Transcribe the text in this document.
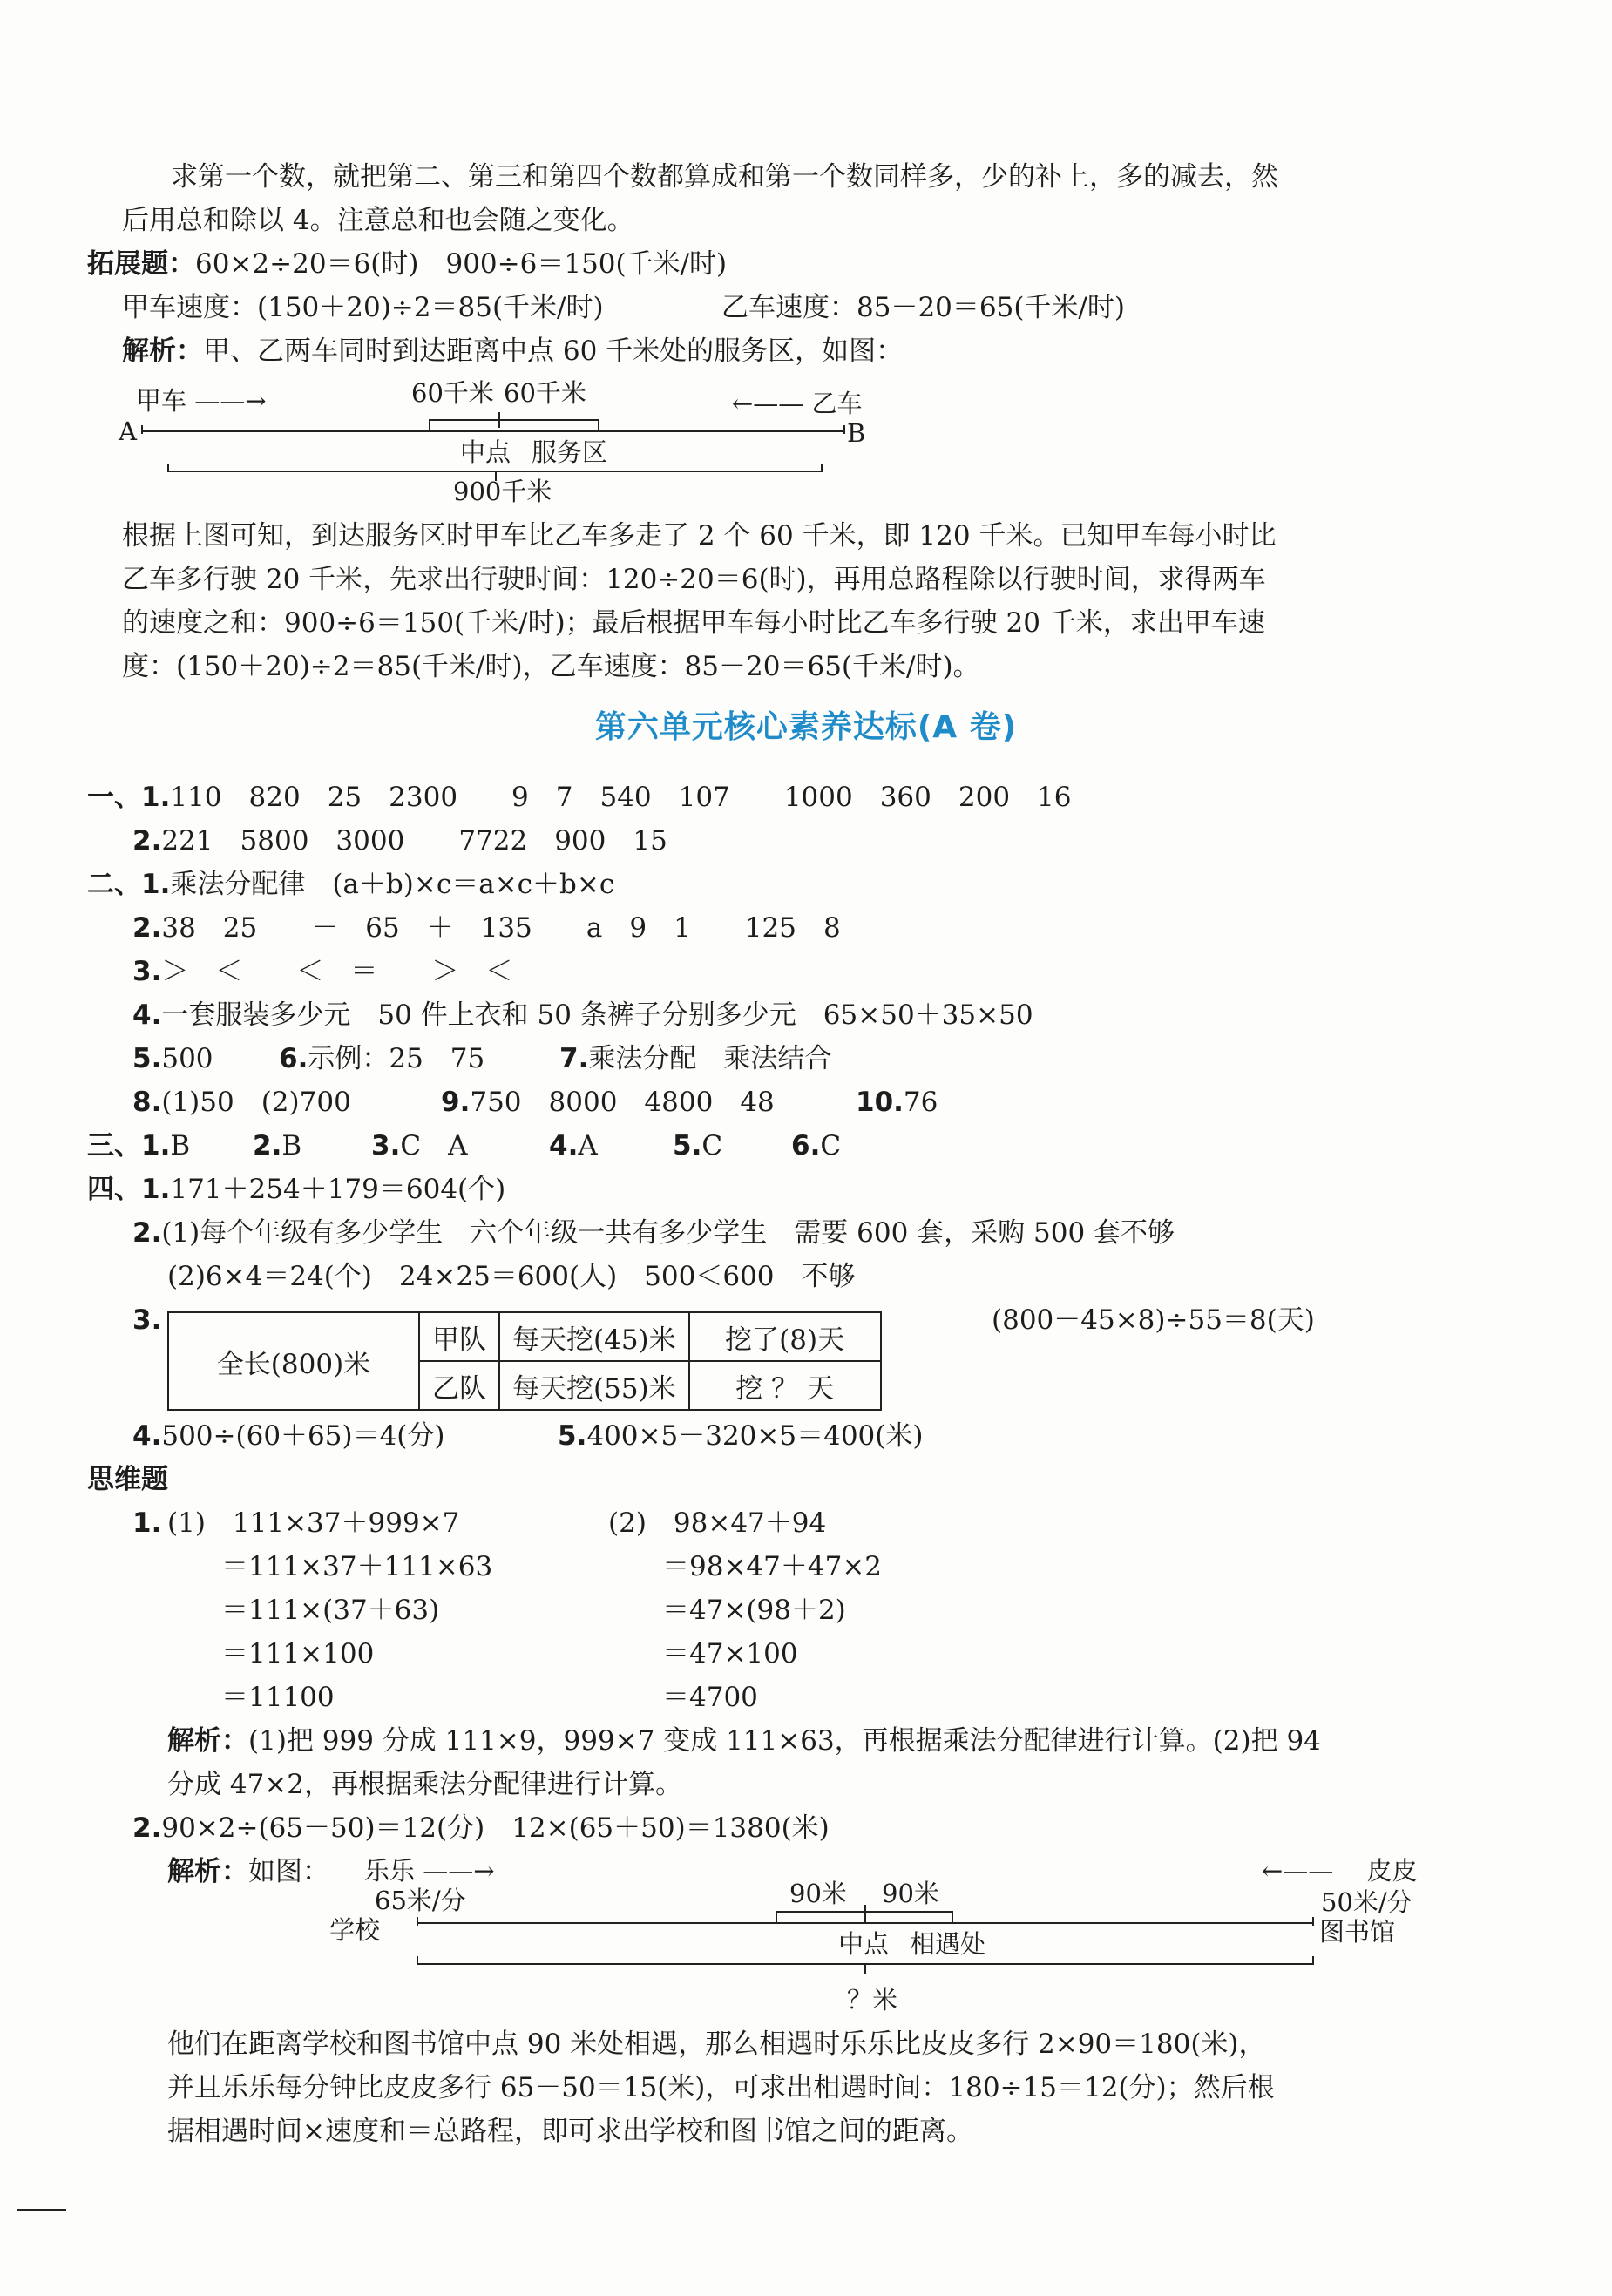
求第一个数，就把第二、第三和第四个数都算成和第一个数同样多，少的补上，多的减去，然
后用总和除以 4。注意总和也会随之变化。
拓展题：60×2÷20＝6(时)　900÷6＝150(千米/时)
甲车速度：(150＋20)÷2＝85(千米/时)	乙车速度：85－20＝65(千米/时)
解析：甲、乙两车同时到达距离中点 60 千米处的服务区，如图：
甲车 ——→	←—— 乙车
A	B
60千米 60千米
中点 服务区
900千米
根据上图可知，到达服务区时甲车比乙车多走了 2 个 60 千米，即 120 千米。已知甲车每小时比
乙车多行驶 20 千米，先求出行驶时间：120÷20＝6(时)，再用总路程除以行驶时间，求得两车
的速度之和：900÷6＝150(千米/时)；最后根据甲车每小时比乙车多行驶 20 千米，求出甲车速
度：(150＋20)÷2＝85(千米/时)，乙车速度：85－20＝65(千米/时)。
第六单元核心素养达标(A 卷)
一、1.110　820　25　2300　　9　7　540　107　　1000　360　200　16
2.221　5800　3000　　7722　900　15
二、1.乘法分配律　(a＋b)×c＝a×c＋b×c
2.38　25　　－　65　＋　135　　a　9　1　　125　8
3.＞　＜　　＜　＝　　＞　＜
4.一套服装多少元　50 件上衣和 50 条裤子分别多少元　65×50＋35×50
5.500 6.示例：25　75	7.乘法分配　乘法结合
8.(1)50　(2)700	9.750　8000　4800　48	10.76
三、1.B 2.B	3.C　A	4.A	5.C	6.C
四、1.171＋254＋179＝604(个)
2.(1)每个年级有多少学生　六个年级一共有多少学生　需要 600 套，采购 500 套不够
(2)6×4＝24(个)　24×25＝600(人)　500＜600　不够
3.
全长(800)米	甲队	每天挖(45)米	挖了(8)天
	乙队	每天挖(55)米	挖 ？ 天
(800－45×8)÷55＝8(天)
4.500÷(60＋65)＝4(分)	5.400×5－320×5＝400(米)
思维题
1. (1)　111×37＋999×7
　　＝111×37＋111×63
　　＝111×(37＋63)
　　＝111×100
　　＝11100
(2)　98×47＋94
　　＝98×47＋47×2
　　＝47×(98＋2)
　　＝47×100
　　＝4700
解析：(1)把 999 分成 111×9，999×7 变成 111×63，再根据乘法分配律进行计算。(2)把 94
分成 47×2，再根据乘法分配律进行计算。
2.90×2÷(65－50)＝12(分)　12×(65＋50)＝1380(米)
解析：如图： 乐乐 ——→
65米/分
学校
←—— 　皮皮
50米/分
图书馆
90米 90米
中点 相遇处
？米
他们在距离学校和图书馆中点 90 米处相遇，那么相遇时乐乐比皮皮多行 2×90＝180(米)，
并且乐乐每分钟比皮皮多行 65－50＝15(米)，可求出相遇时间：180÷15＝12(分)；然后根
据相遇时间×速度和＝总路程，即可求出学校和图书馆之间的距离。
